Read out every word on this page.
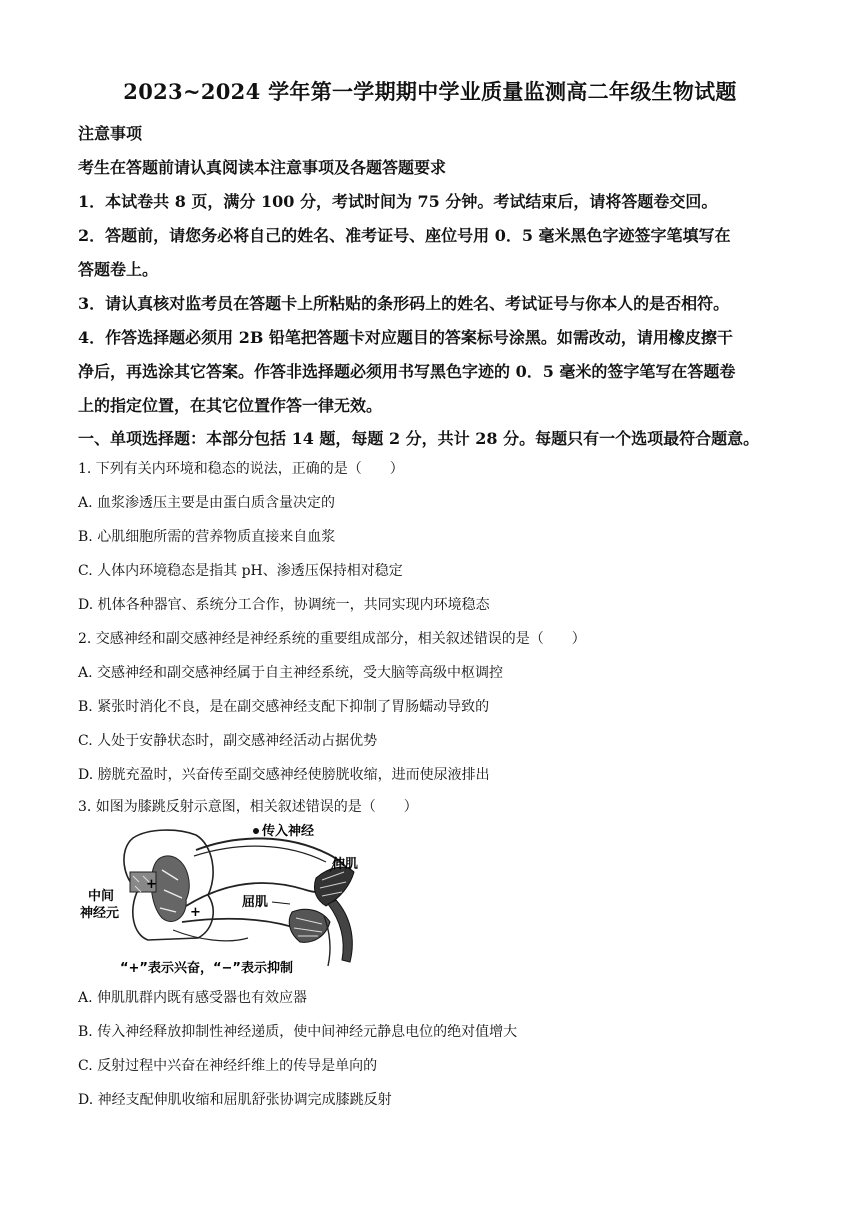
2023~2024 学年第一学期期中学业质量监测高二年级生物试题
注意事项
考生在答题前请认真阅读本注意事项及各题答题要求
1．本试卷共 8 页，满分 100 分，考试时间为 75 分钟。考试结束后，请将答题卷交回。
2．答题前，请您务必将自己的姓名、准考证号、座位号用 0．5 毫米黑色字迹签字笔填写在
答题卷上。
3．请认真核对监考员在答题卡上所粘贴的条形码上的姓名、考试证号与你本人的是否相符。
4．作答选择题必须用 2B 铅笔把答题卡对应题目的答案标号涂黑。如需改动，请用橡皮擦干
净后，再选涂其它答案。作答非选择题必须用书写黑色字迹的 0．5 毫米的签字笔写在答题卷
上的指定位置，在其它位置作答一律无效。
一、单项选择题：本部分包括 14 题，每题 2 分，共计 28 分。每题只有一个选项最符合题意。
1. 下列有关内环境和稳态的说法，正确的是（　　）
A. 血浆渗透压主要是由蛋白质含量决定的
B. 心肌细胞所需的营养物质直接来自血浆
C. 人体内环境稳态是指其 pH、渗透压保持相对稳定
D. 机体各种器官、系统分工合作，协调统一，共同实现内环境稳态
2. 交感神经和副交感神经是神经系统的重要组成部分，相关叙述错误的是（　　）
A. 交感神经和副交感神经属于自主神经系统，受大脑等高级中枢调控
B. 紧张时消化不良，是在副交感神经支配下抑制了胃肠蠕动导致的
C. 人处于安静状态时，副交感神经活动占据优势
D. 膀胱充盈时，兴奋传至副交感神经使膀胱收缩，进而使尿液排出
3. 如图为膝跳反射示意图，相关叙述错误的是（　　）
传入神经
伸肌
屈肌
中间
神经元
+
+
“+”表示兴奋，“−”表示抑制
A. 伸肌肌群内既有感受器也有效应器
B. 传入神经释放抑制性神经递质，使中间神经元静息电位的绝对值增大
C. 反射过程中兴奋在神经纤维上的传导是单向的
D. 神经支配伸肌收缩和屈肌舒张协调完成膝跳反射
